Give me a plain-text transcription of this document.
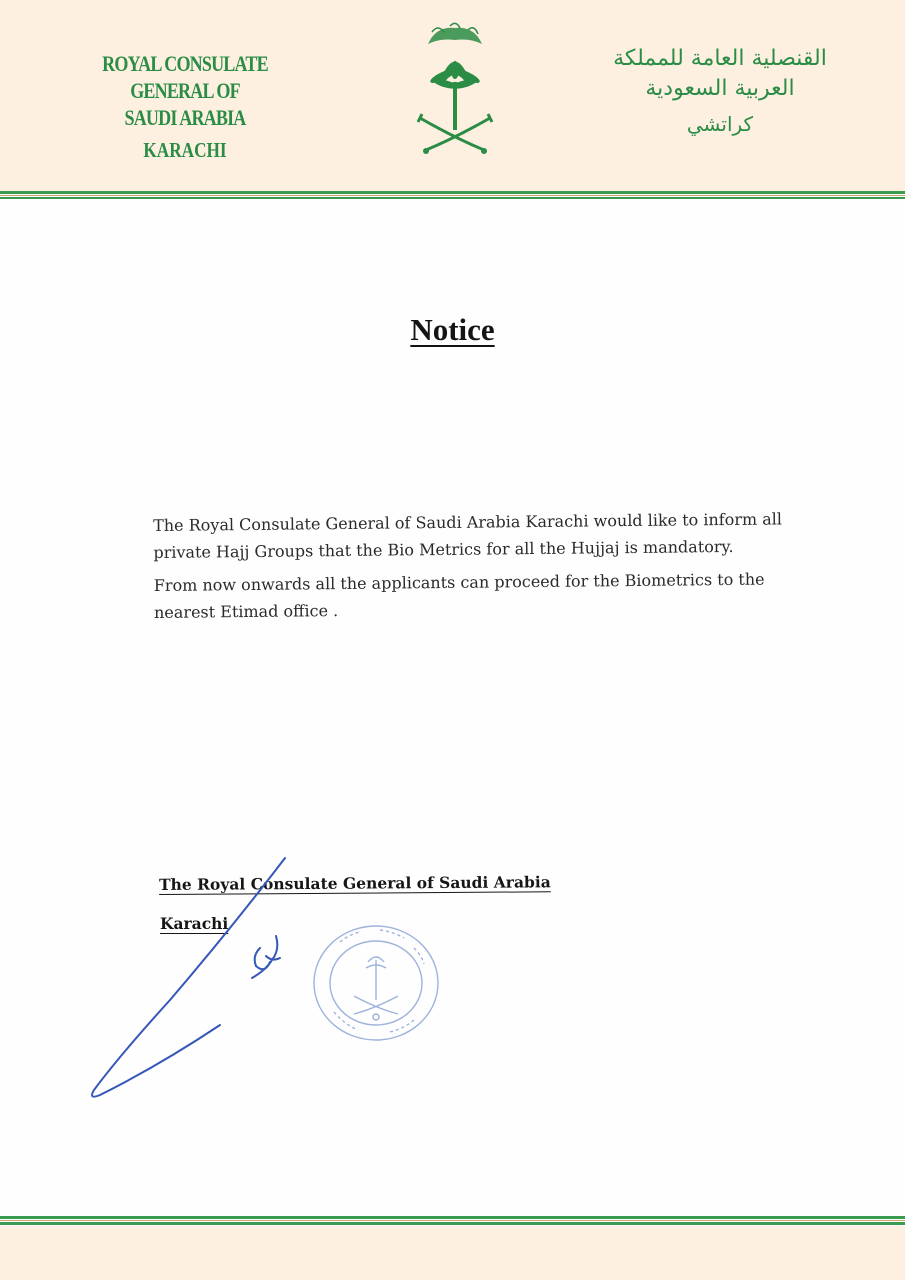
ROYAL CONSULATE GENERAL OF
SAUDI ARABIA
KARACHI
القنصلية العامة للمملكة العربية السعودية
كراتشي
Notice

The Royal Consulate General of Saudi Arabia Karachi would like to inform all private Hajj Groups that the Bio Metrics for all the Hujjaj is mandatory.

From now onwards all the applicants can proceed for the Biometrics to the nearest Etimad office .

The Royal Consulate General of Saudi Arabia
Karachi
